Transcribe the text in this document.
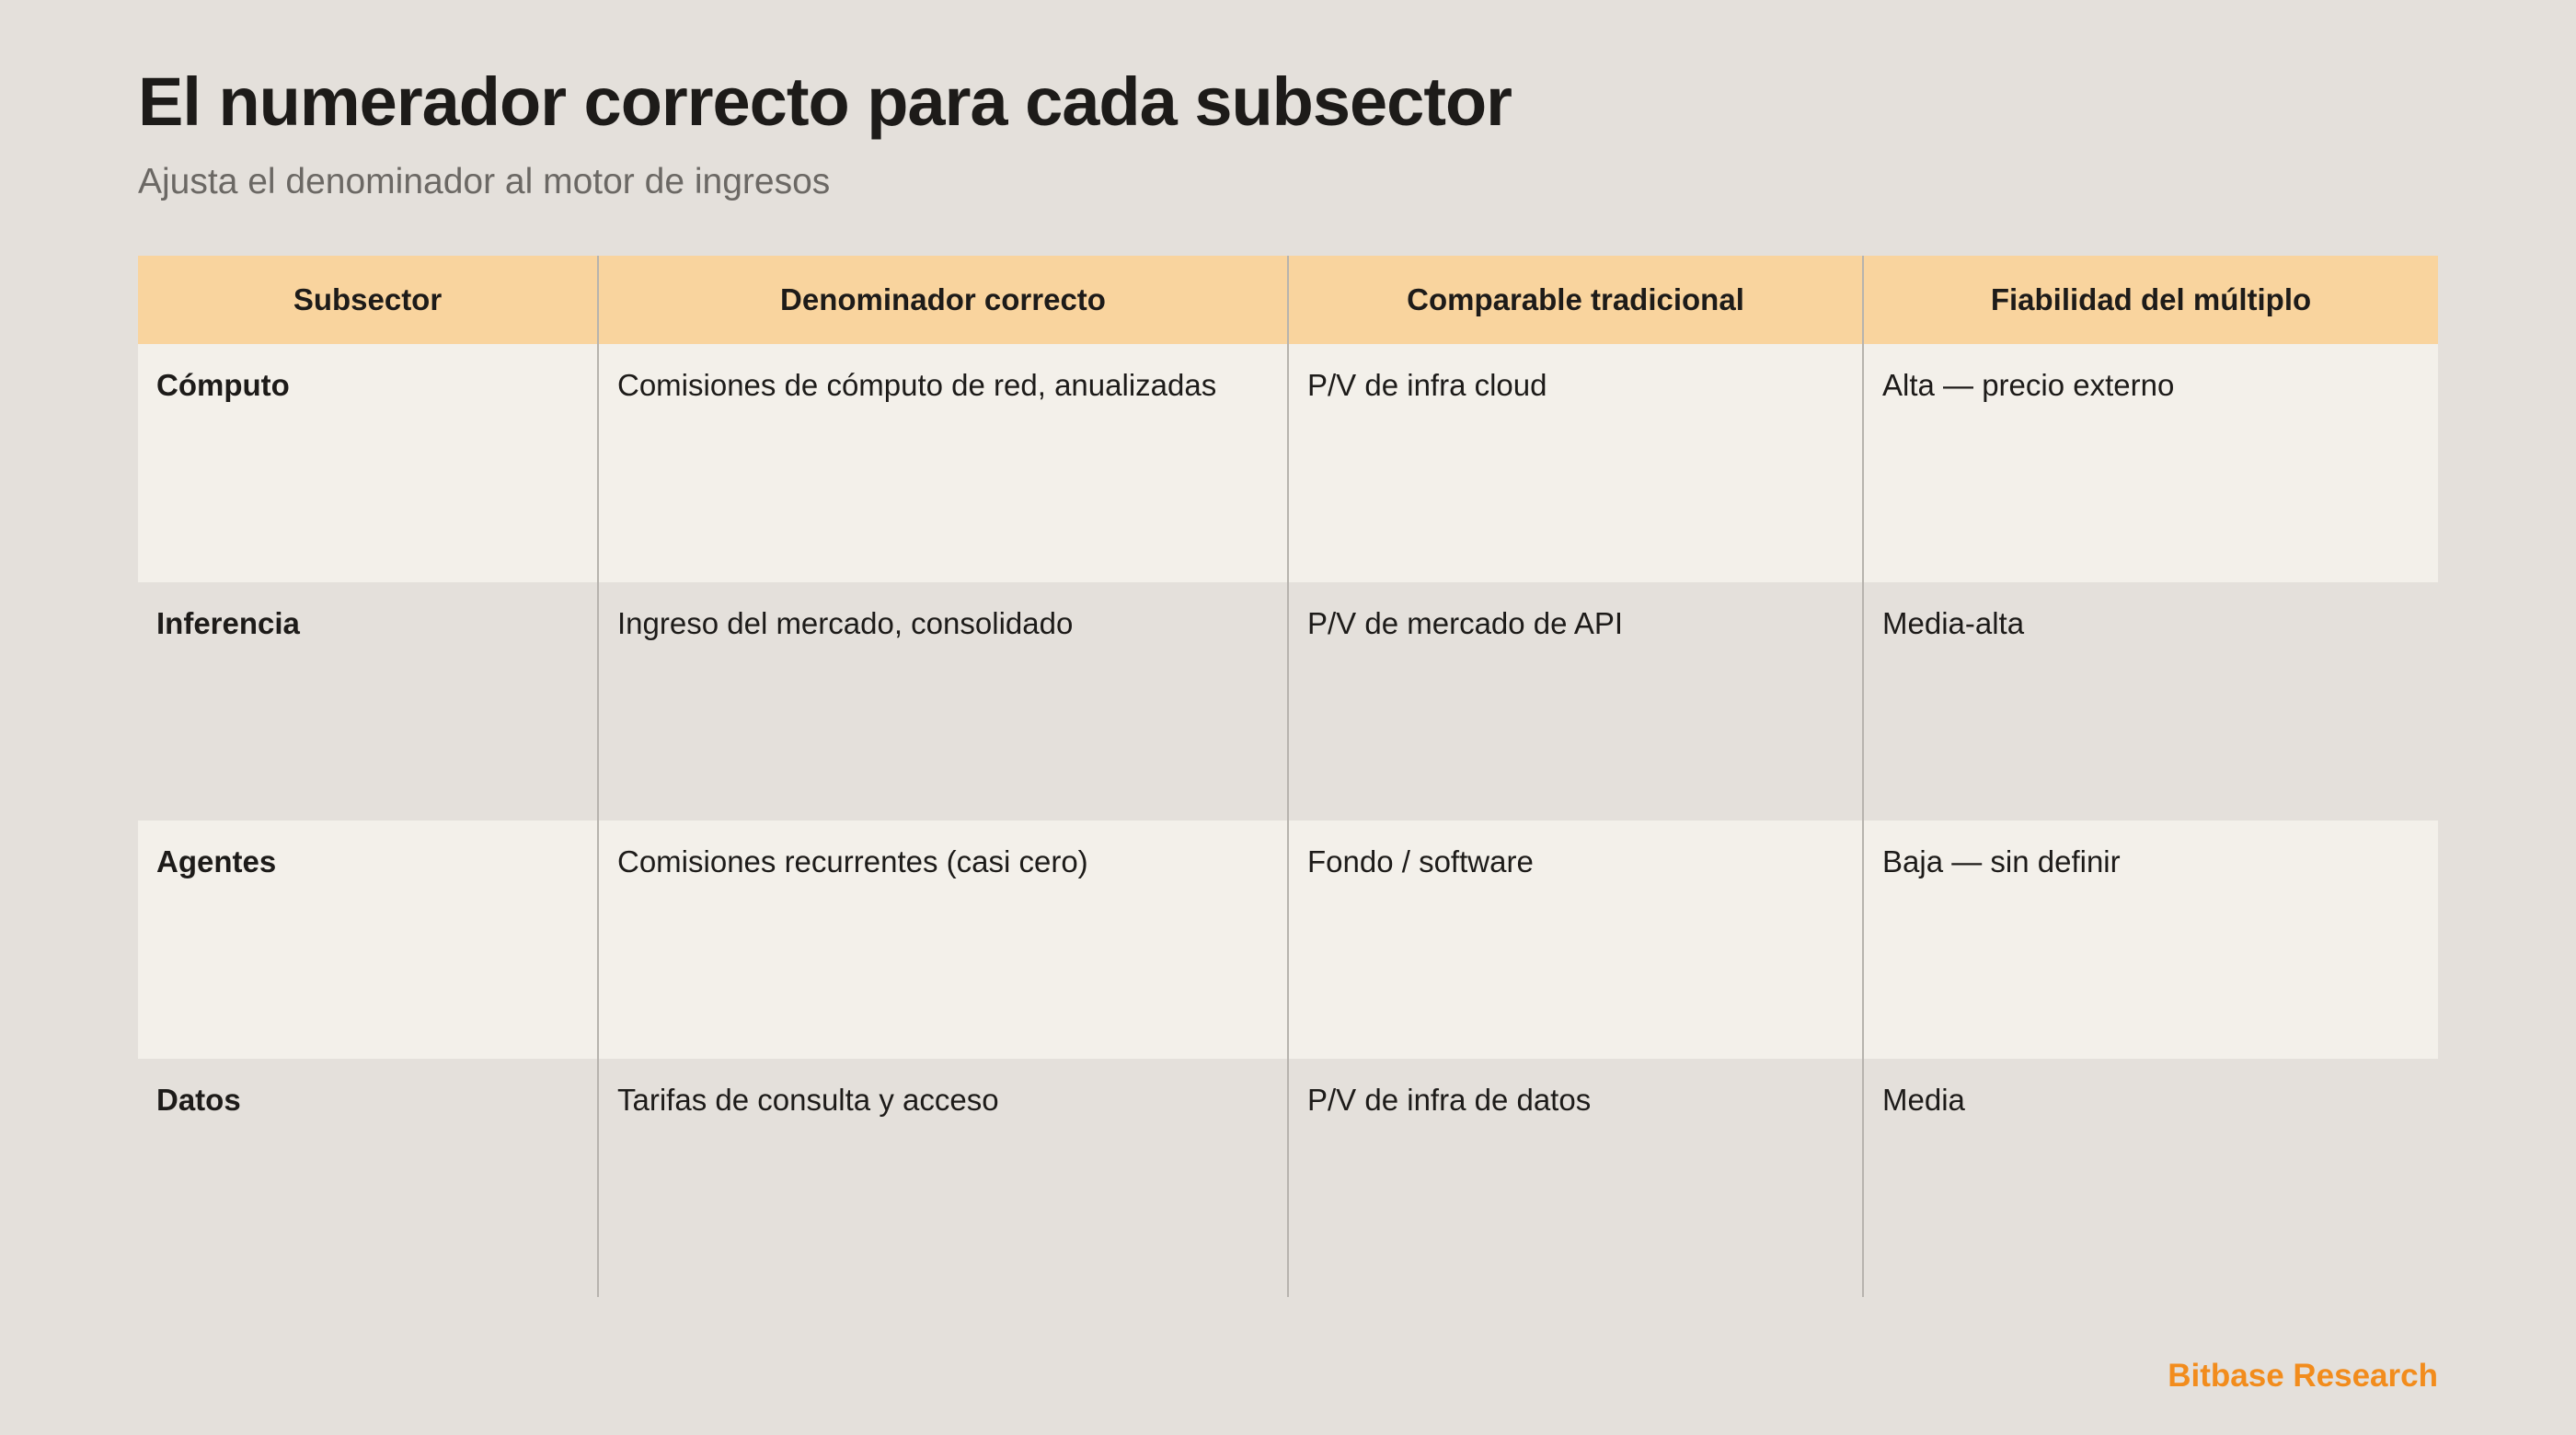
El numerador correcto para cada subsector

Ajusta el denominador al motor de ingresos

Subsector	Denominador correcto	Comparable tradicional	Fiabilidad del múltiplo
Cómputo	Comisiones de cómputo de red, anualizadas	P/V de infra cloud	Alta — precio externo
Inferencia	Ingreso del mercado, consolidado	P/V de mercado de API	Media-alta
Agentes	Comisiones recurrentes (casi cero)	Fondo / software	Baja — sin definir
Datos	Tarifas de consulta y acceso	P/V de infra de datos	Media

Bitbase Research
